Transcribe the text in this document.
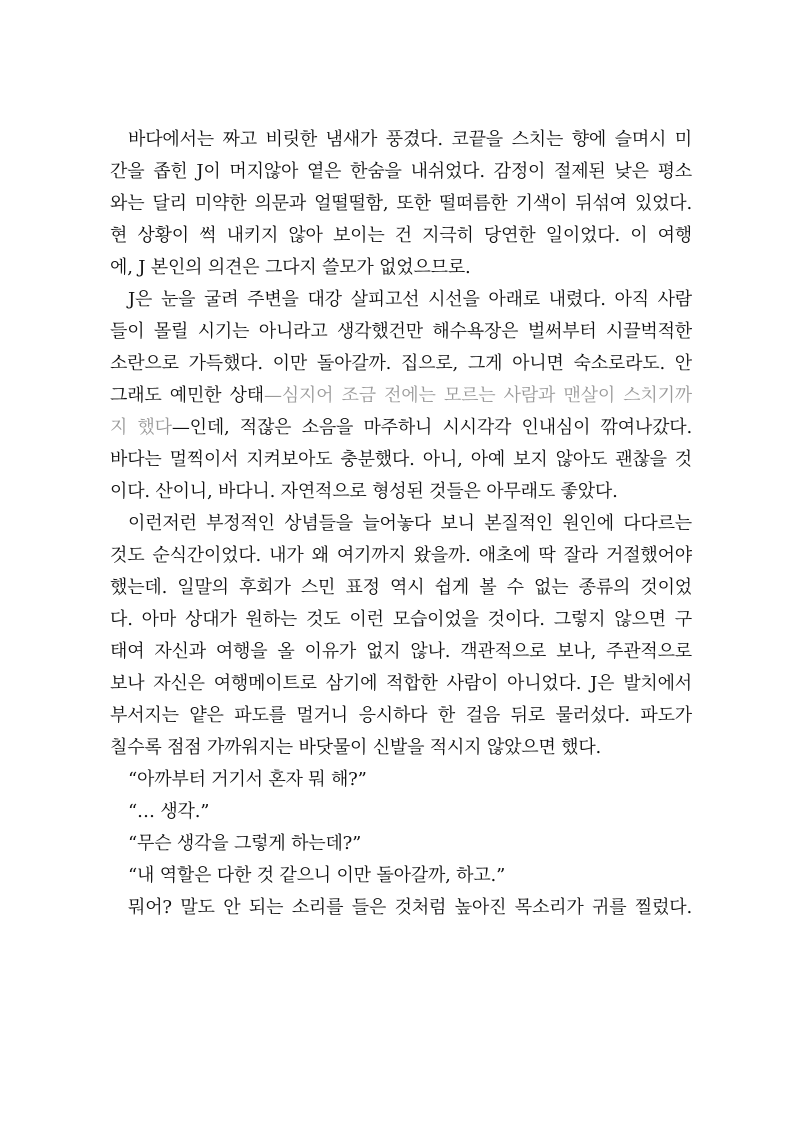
바다에서는 짜고 비릿한 냄새가 풍겼다. 코끝을 스치는 향에 슬며시 미
간을 좁힌 J이 머지않아 옅은 한숨을 내쉬었다. 감정이 절제된 낮은 평소
와는 달리 미약한 의문과 얼떨떨함, 또한 떨떠름한 기색이 뒤섞여 있었다.
현 상황이 썩 내키지 않아 보이는 건 지극히 당연한 일이었다. 이 여행
에, J 본인의 의견은 그다지 쓸모가 없었으므로.
J은 눈을 굴려 주변을 대강 살피고선 시선을 아래로 내렸다. 아직 사람
들이 몰릴 시기는 아니라고 생각했건만 해수욕장은 벌써부터 시끌벅적한
소란으로 가득했다. 이만 돌아갈까. 집으로, 그게 아니면 숙소로라도. 안
그래도 예민한 상태—심지어 조금 전에는 모르는 사람과 맨살이 스치기까
지 했다—인데, 적잖은 소음을 마주하니 시시각각 인내심이 깎여나갔다.
바다는 멀찍이서 지켜보아도 충분했다. 아니, 아예 보지 않아도 괜찮을 것
이다. 산이니, 바다니. 자연적으로 형성된 것들은 아무래도 좋았다.
이런저런 부정적인 상념들을 늘어놓다 보니 본질적인 원인에 다다르는
것도 순식간이었다. 내가 왜 여기까지 왔을까. 애초에 딱 잘라 거절했어야
했는데. 일말의 후회가 스민 표정 역시 쉽게 볼 수 없는 종류의 것이었
다. 아마 상대가 원하는 것도 이런 모습이었을 것이다. 그렇지 않으면 구
태여 자신과 여행을 올 이유가 없지 않나. 객관적으로 보나, 주관적으로
보나 자신은 여행메이트로 삼기에 적합한 사람이 아니었다. J은 발치에서
부서지는 얕은 파도를 멀거니 응시하다 한 걸음 뒤로 물러섰다. 파도가
칠수록 점점 가까워지는 바닷물이 신발을 적시지 않았으면 했다.
“아까부터 거기서 혼자 뭐 해?”
“… 생각.”
“무슨 생각을 그렇게 하는데?”
“내 역할은 다한 것 같으니 이만 돌아갈까, 하고.”
뭐어? 말도 안 되는 소리를 들은 것처럼 높아진 목소리가 귀를 찔렀다.
